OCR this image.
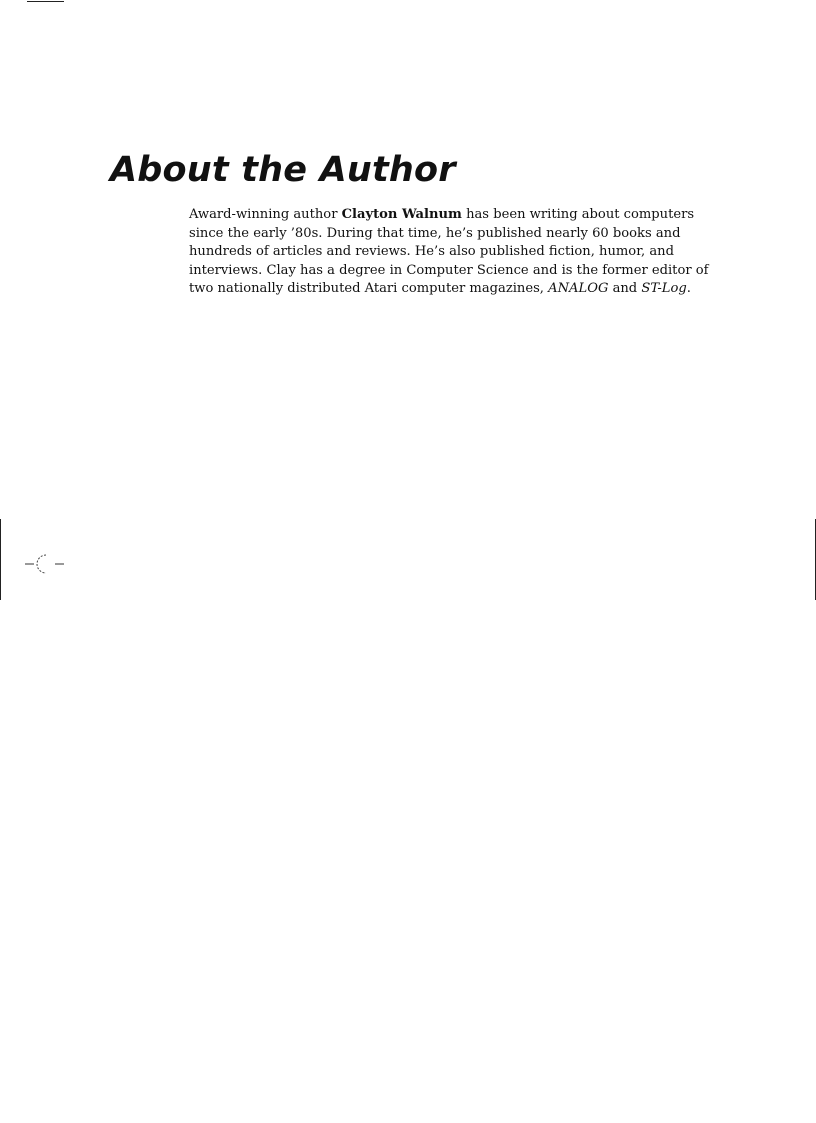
About the Author

Award-winning author Clayton Walnum has been writing about computers since the early ’80s. During that time, he’s published nearly 60 books and hundreds of articles and reviews. He’s also published fiction, humor, and interviews. Clay has a degree in Computer Science and is the former editor of two nationally distributed Atari computer magazines, ANALOG and ST-Log.
